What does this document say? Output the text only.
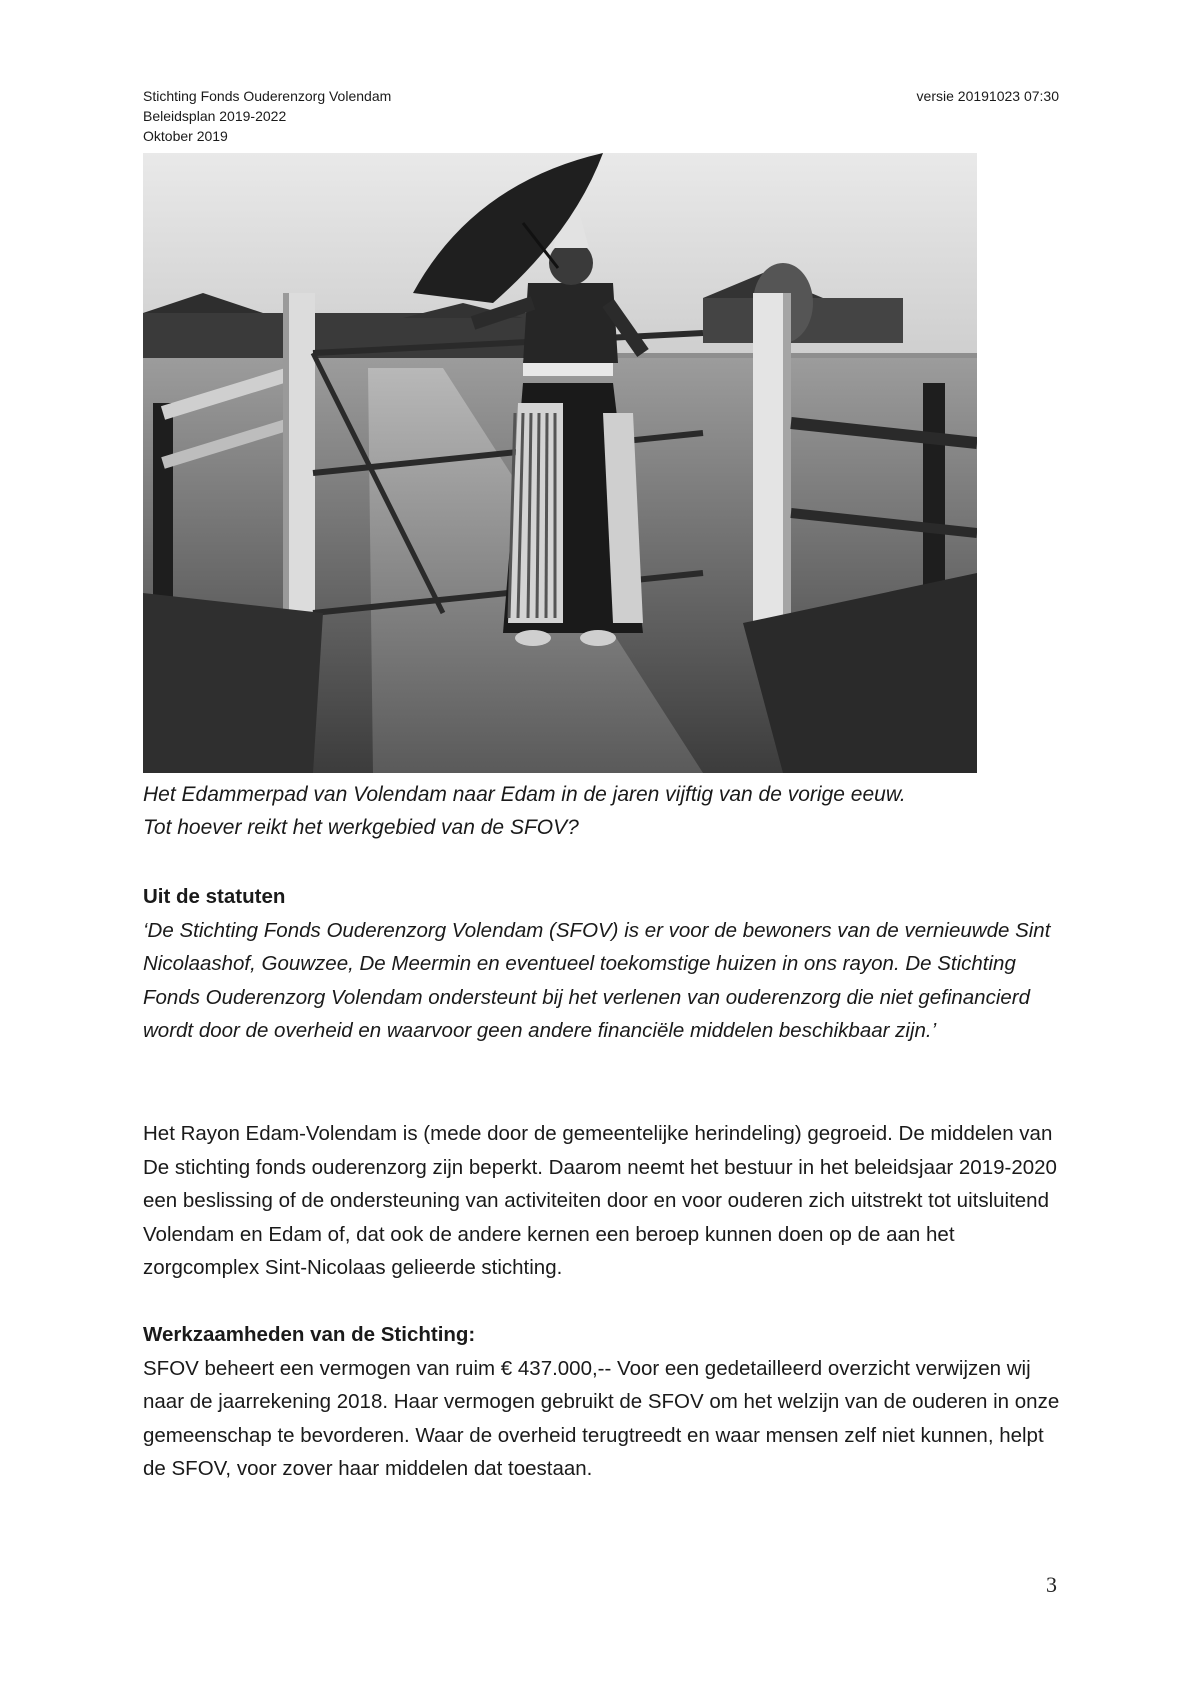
Stichting Fonds Ouderenzorg Volendam
Beleidsplan 2019-2022
Oktober 2019
versie 20191023 07:30
Het Edammerpad van Volendam naar Edam in de jaren vijftig van de vorige eeuw.
Tot hoever reikt het werkgebied van de SFOV?
Uit de statuten
‘De Stichting Fonds Ouderenzorg Volendam (SFOV) is er voor de bewoners van de vernieuwde Sint Nicolaashof, Gouwzee, De Meermin en eventueel toekomstige huizen in ons rayon. De Stichting Fonds Ouderenzorg Volendam ondersteunt bij het verlenen van ouderenzorg die niet gefinancierd wordt door de overheid en waarvoor geen andere financiële middelen beschikbaar zijn.’
Het Rayon Edam-Volendam is (mede door de gemeentelijke herindeling) gegroeid. De middelen van De stichting fonds ouderenzorg zijn beperkt. Daarom neemt het bestuur in het beleidsjaar 2019-2020 een beslissing of de ondersteuning van activiteiten door en voor ouderen zich uitstrekt tot uitsluitend Volendam en Edam of, dat ook de andere kernen een beroep kunnen doen op de aan het zorgcomplex Sint-Nicolaas gelieerde stichting.
Werkzaamheden van de Stichting:
SFOV beheert een vermogen van ruim € 437.000,-- Voor een gedetailleerd overzicht verwijzen wij naar de jaarrekening 2018. Haar vermogen gebruikt de SFOV om het welzijn van de ouderen in onze gemeenschap te bevorderen. Waar de overheid terugtreedt en waar mensen zelf niet kunnen, helpt de SFOV, voor zover haar middelen dat toestaan.
3
